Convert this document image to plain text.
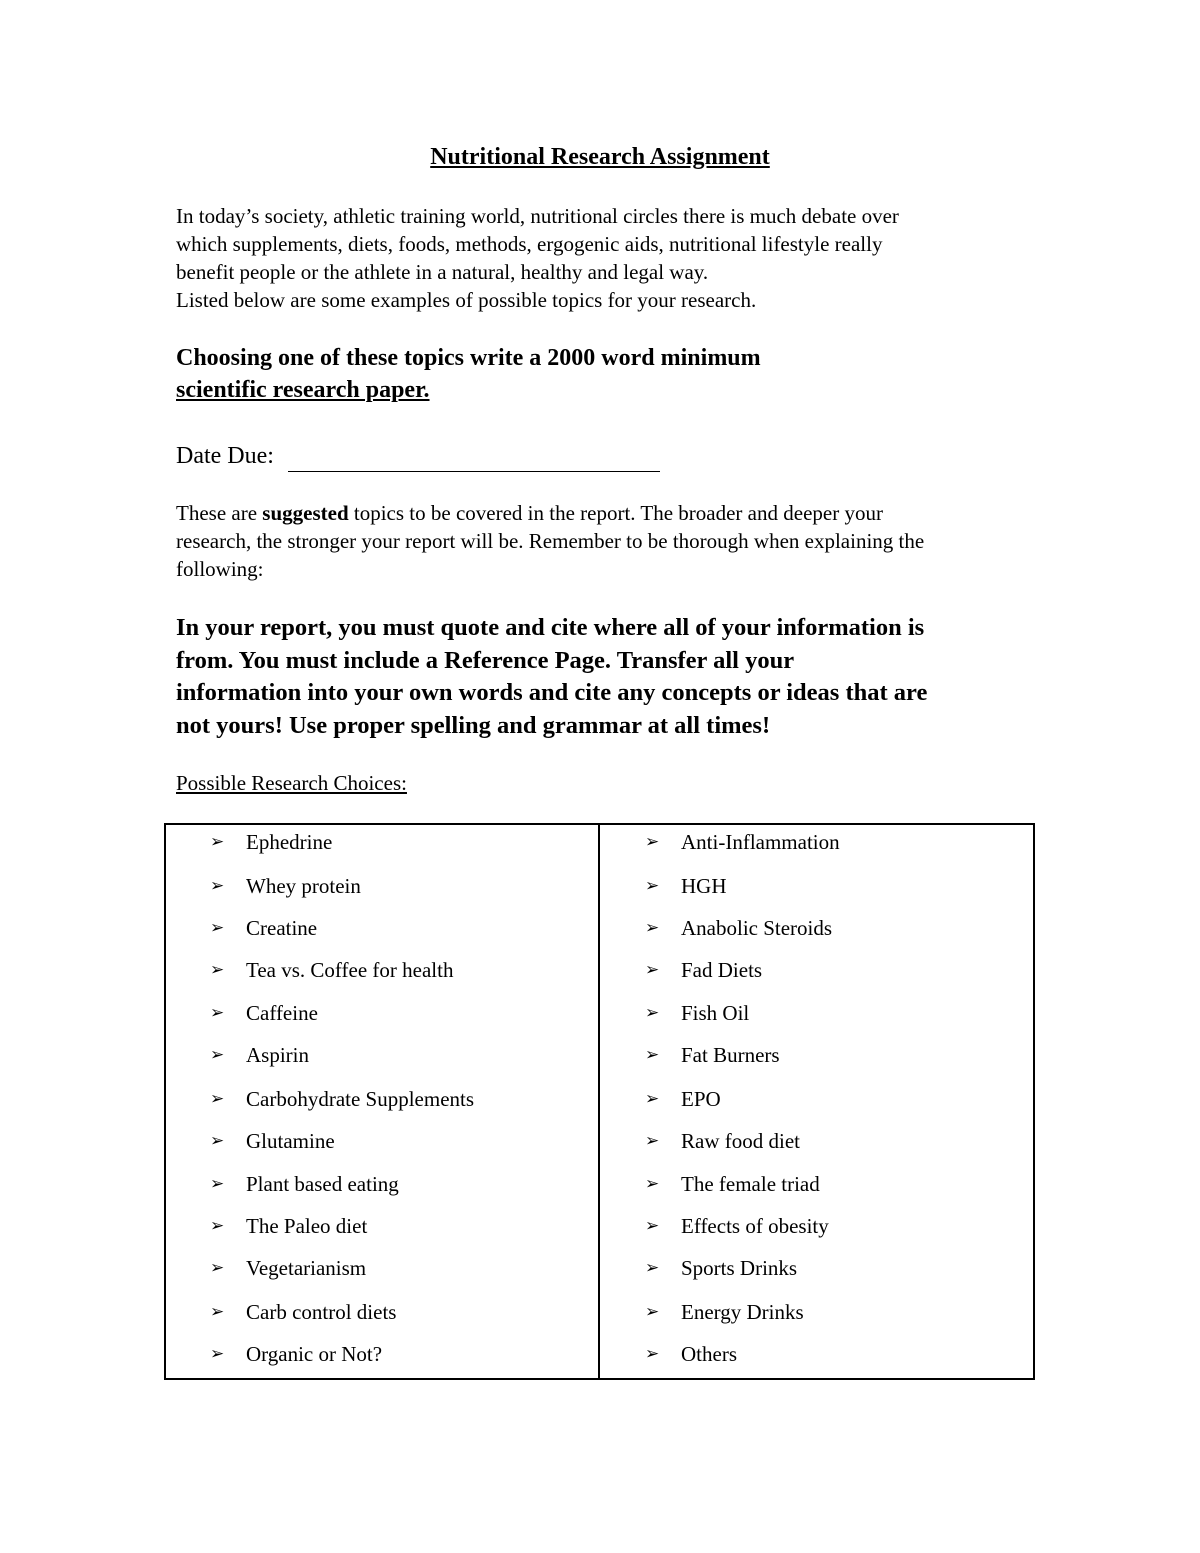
Nutritional Research Assignment

In today’s society, athletic training world, nutritional circles there is much debate over

which supplements, diets, foods, methods, ergogenic aids, nutritional lifestyle really

benefit people or the athlete in a natural, healthy and legal way.

Listed below are some examples of possible topics for your research.

Choosing one of these topics write a 2000 word minimum
scientific research paper.
Date Due:
These are suggested topics to be covered in the report. The broader and deeper your
research, the stronger your report will be. Remember to be thorough when explaining the
following:
In your report, you must quote and cite where all of your information is
from. You must include a Reference Page. Transfer all your
information into your own words and cite any concepts or ideas that are
not yours! Use proper spelling and grammar at all times!
Possible Research Choices:
➢	Ephedrine
➢	Whey protein
➢	Creatine
➢	Tea vs. Coffee for health
➢	Caffeine
➢	Aspirin
➢	Carbohydrate Supplements
➢	Glutamine
➢	Plant based eating
➢	The Paleo diet
➢	Vegetarianism
➢	Carb control diets
➢	Organic or Not?
➢	Anti-Inflammation
➢	HGH
➢	Anabolic Steroids
➢	Fad Diets
➢	Fish Oil
➢	Fat Burners
➢	EPO
➢	Raw food diet
➢	The female triad
➢	Effects of obesity
➢	Sports Drinks
➢	Energy Drinks
➢	Others
